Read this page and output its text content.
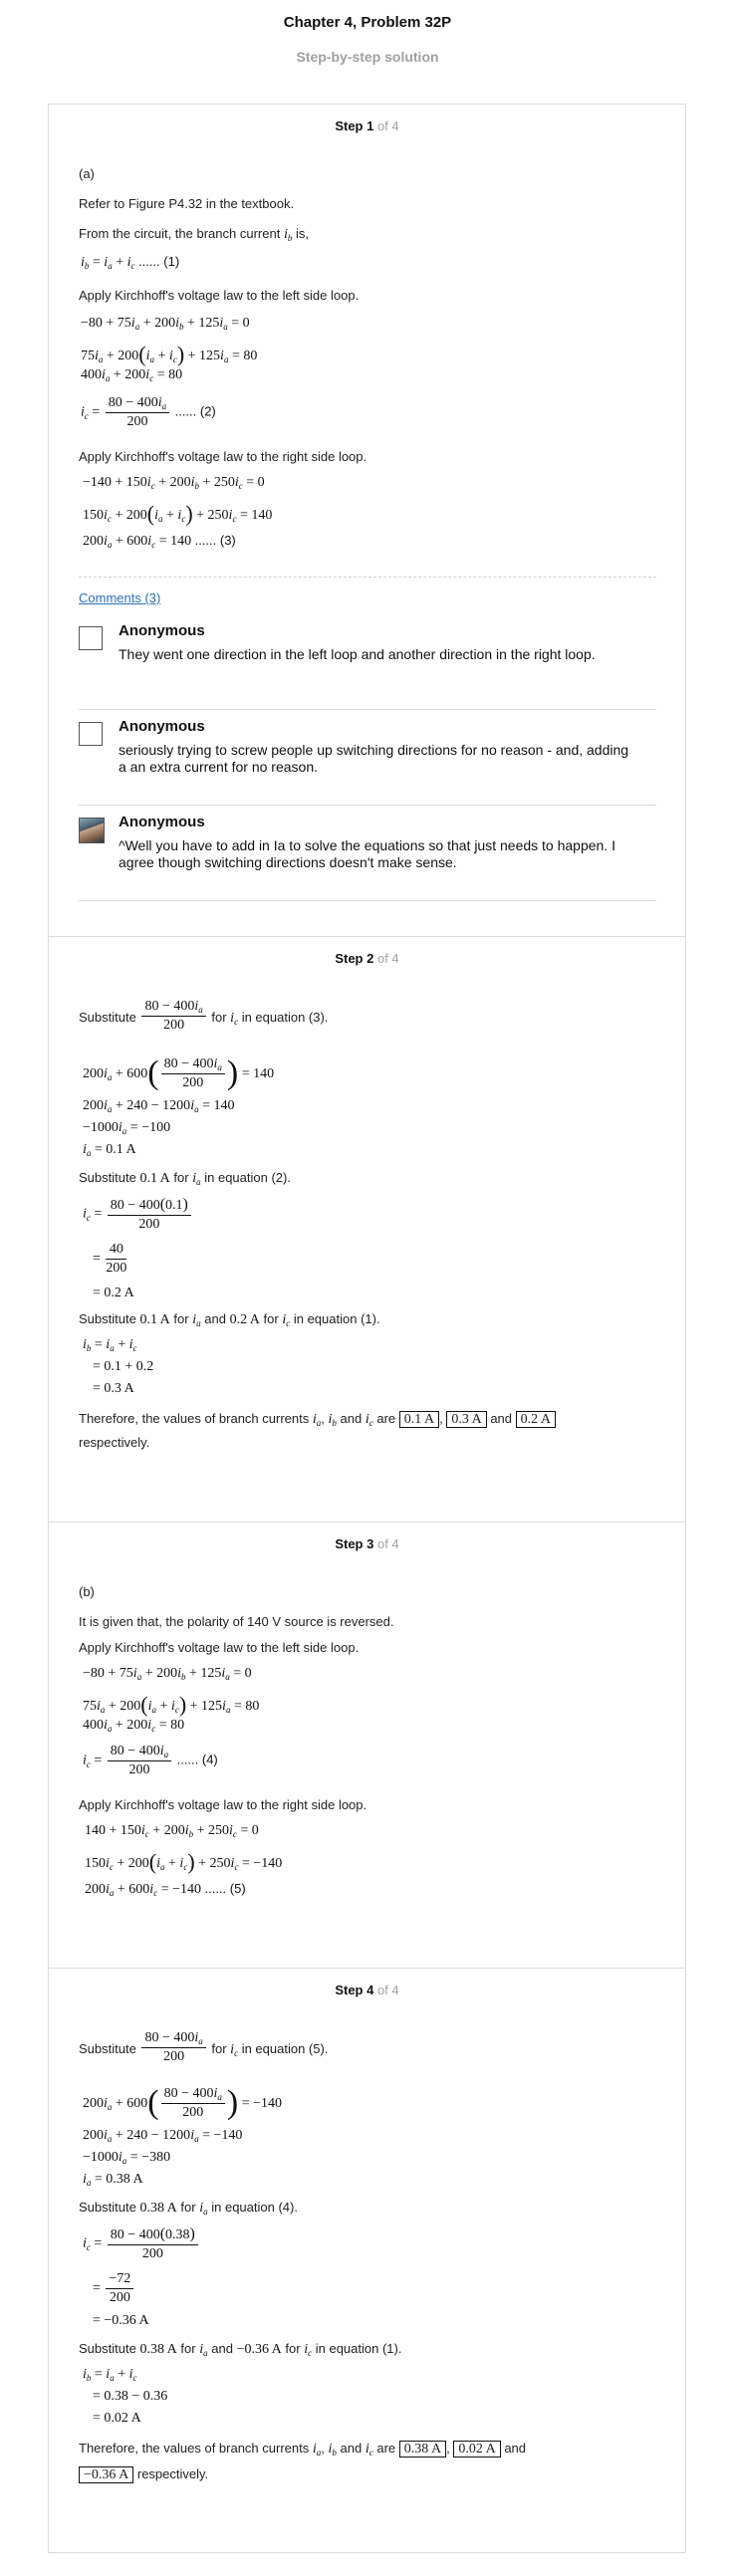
Chapter 4, Problem 32P
Step-by-step solution
Step 1 of 4
(a)
Refer to Figure P4.32 in the textbook.
From the circuit, the branch current $i_b$ is,
$i_b = i_a + i_c$ ...... (1)
Apply Kirchhoff's voltage law to the left side loop.
$-80 + 75i_a + 200i_b + 125i_a = 0$
$75i_a + 200(i_a + i_c) + 125i_a = 80$
$400i_a + 200i_c = 80$
$i_c = \frac{80 - 400i_a}{200}$ ...... (2)
Apply Kirchhoff's voltage law to the right side loop.
$-140 + 150i_c + 200i_b + 250i_c = 0$
$150i_c + 200(i_a + i_c) + 250i_c = 140$
$200i_a + 600i_c = 140$ ...... (3)
Comments (3)
Anonymous
They went one direction in the left loop and another direction in the right loop.
Anonymous
seriously trying to screw people up switching directions for no reason - and, adding a an extra current for no reason.
Anonymous
^Well you have to add in Ia to solve the equations so that just needs to happen. I agree though switching directions doesn't make sense.
Step 2 of 4
Substitute $\frac{80 - 400i_a}{200}$ for $i_c$ in equation (3).
$200i_a + 600( \frac{80 - 400i_a}{200}$ ) = 140
$200i_a + 240 - 1200i_a = 140$
$-1000i_a = -100$
$i_a = 0.1$ A
Substitute 0.1 A for $i_a$ in equation (2).
$i_c = \frac{80 - 400(0.1)}{200}$
= $\frac{40}{200}$
= 0.2 A
Substitute 0.1 A for $i_a$ and 0.2 A for $i_c$ in equation (1).
$i_b = i_a + i_c$
= 0.1 + 0.2
= 0.3 A
Therefore, the values of branch currents $i_a$, $i_b$ and $i_c$ are 0.1 A , 0.3 A and 0.2 A
respectively.
Step 3 of 4
(b)
It is given that, the polarity of 140 V source is reversed.
Apply Kirchhoff's voltage law to the left side loop.
$-80 + 75i_a + 200i_b + 125i_a = 0$
$75i_a + 200(i_a + i_c) + 125i_a = 80$
$400i_a + 200i_c = 80$
$i_c = \frac{80 - 400i_a}{200}$ ...... (4)
Apply Kirchhoff's voltage law to the right side loop.
$140 + 150i_c + 200i_b + 250i_c = 0$
$150i_c + 200(i_a + i_c) + 250i_c = -140$
$200i_a + 600i_c = -140$ ...... (5)
Step 4 of 4
Substitute $\frac{80 - 400i_a}{200}$ for $i_c$ in equation (5).
$200i_a + 600( \frac{80 - 400i_a}{200}$ ) = −140
$200i_a + 240 - 1200i_a = -140$
$-1000i_a = -380$
$i_a = 0.38$ A
Substitute 0.38 A for $i_a$ in equation (4).
$i_c = \frac{80 - 400(0.38)}{200}$
= $\frac{-72}{200}$
= −0.36 A
Substitute 0.38 A for $i_a$ and −0.36 A for $i_c$ in equation (1).
$i_b = i_a + i_c$
= 0.38 − 0.36
= 0.02 A
Therefore, the values of branch currents $i_a$, $i_b$ and $i_c$ are 0.38 A , 0.02 A and
−0.36 A respectively.
